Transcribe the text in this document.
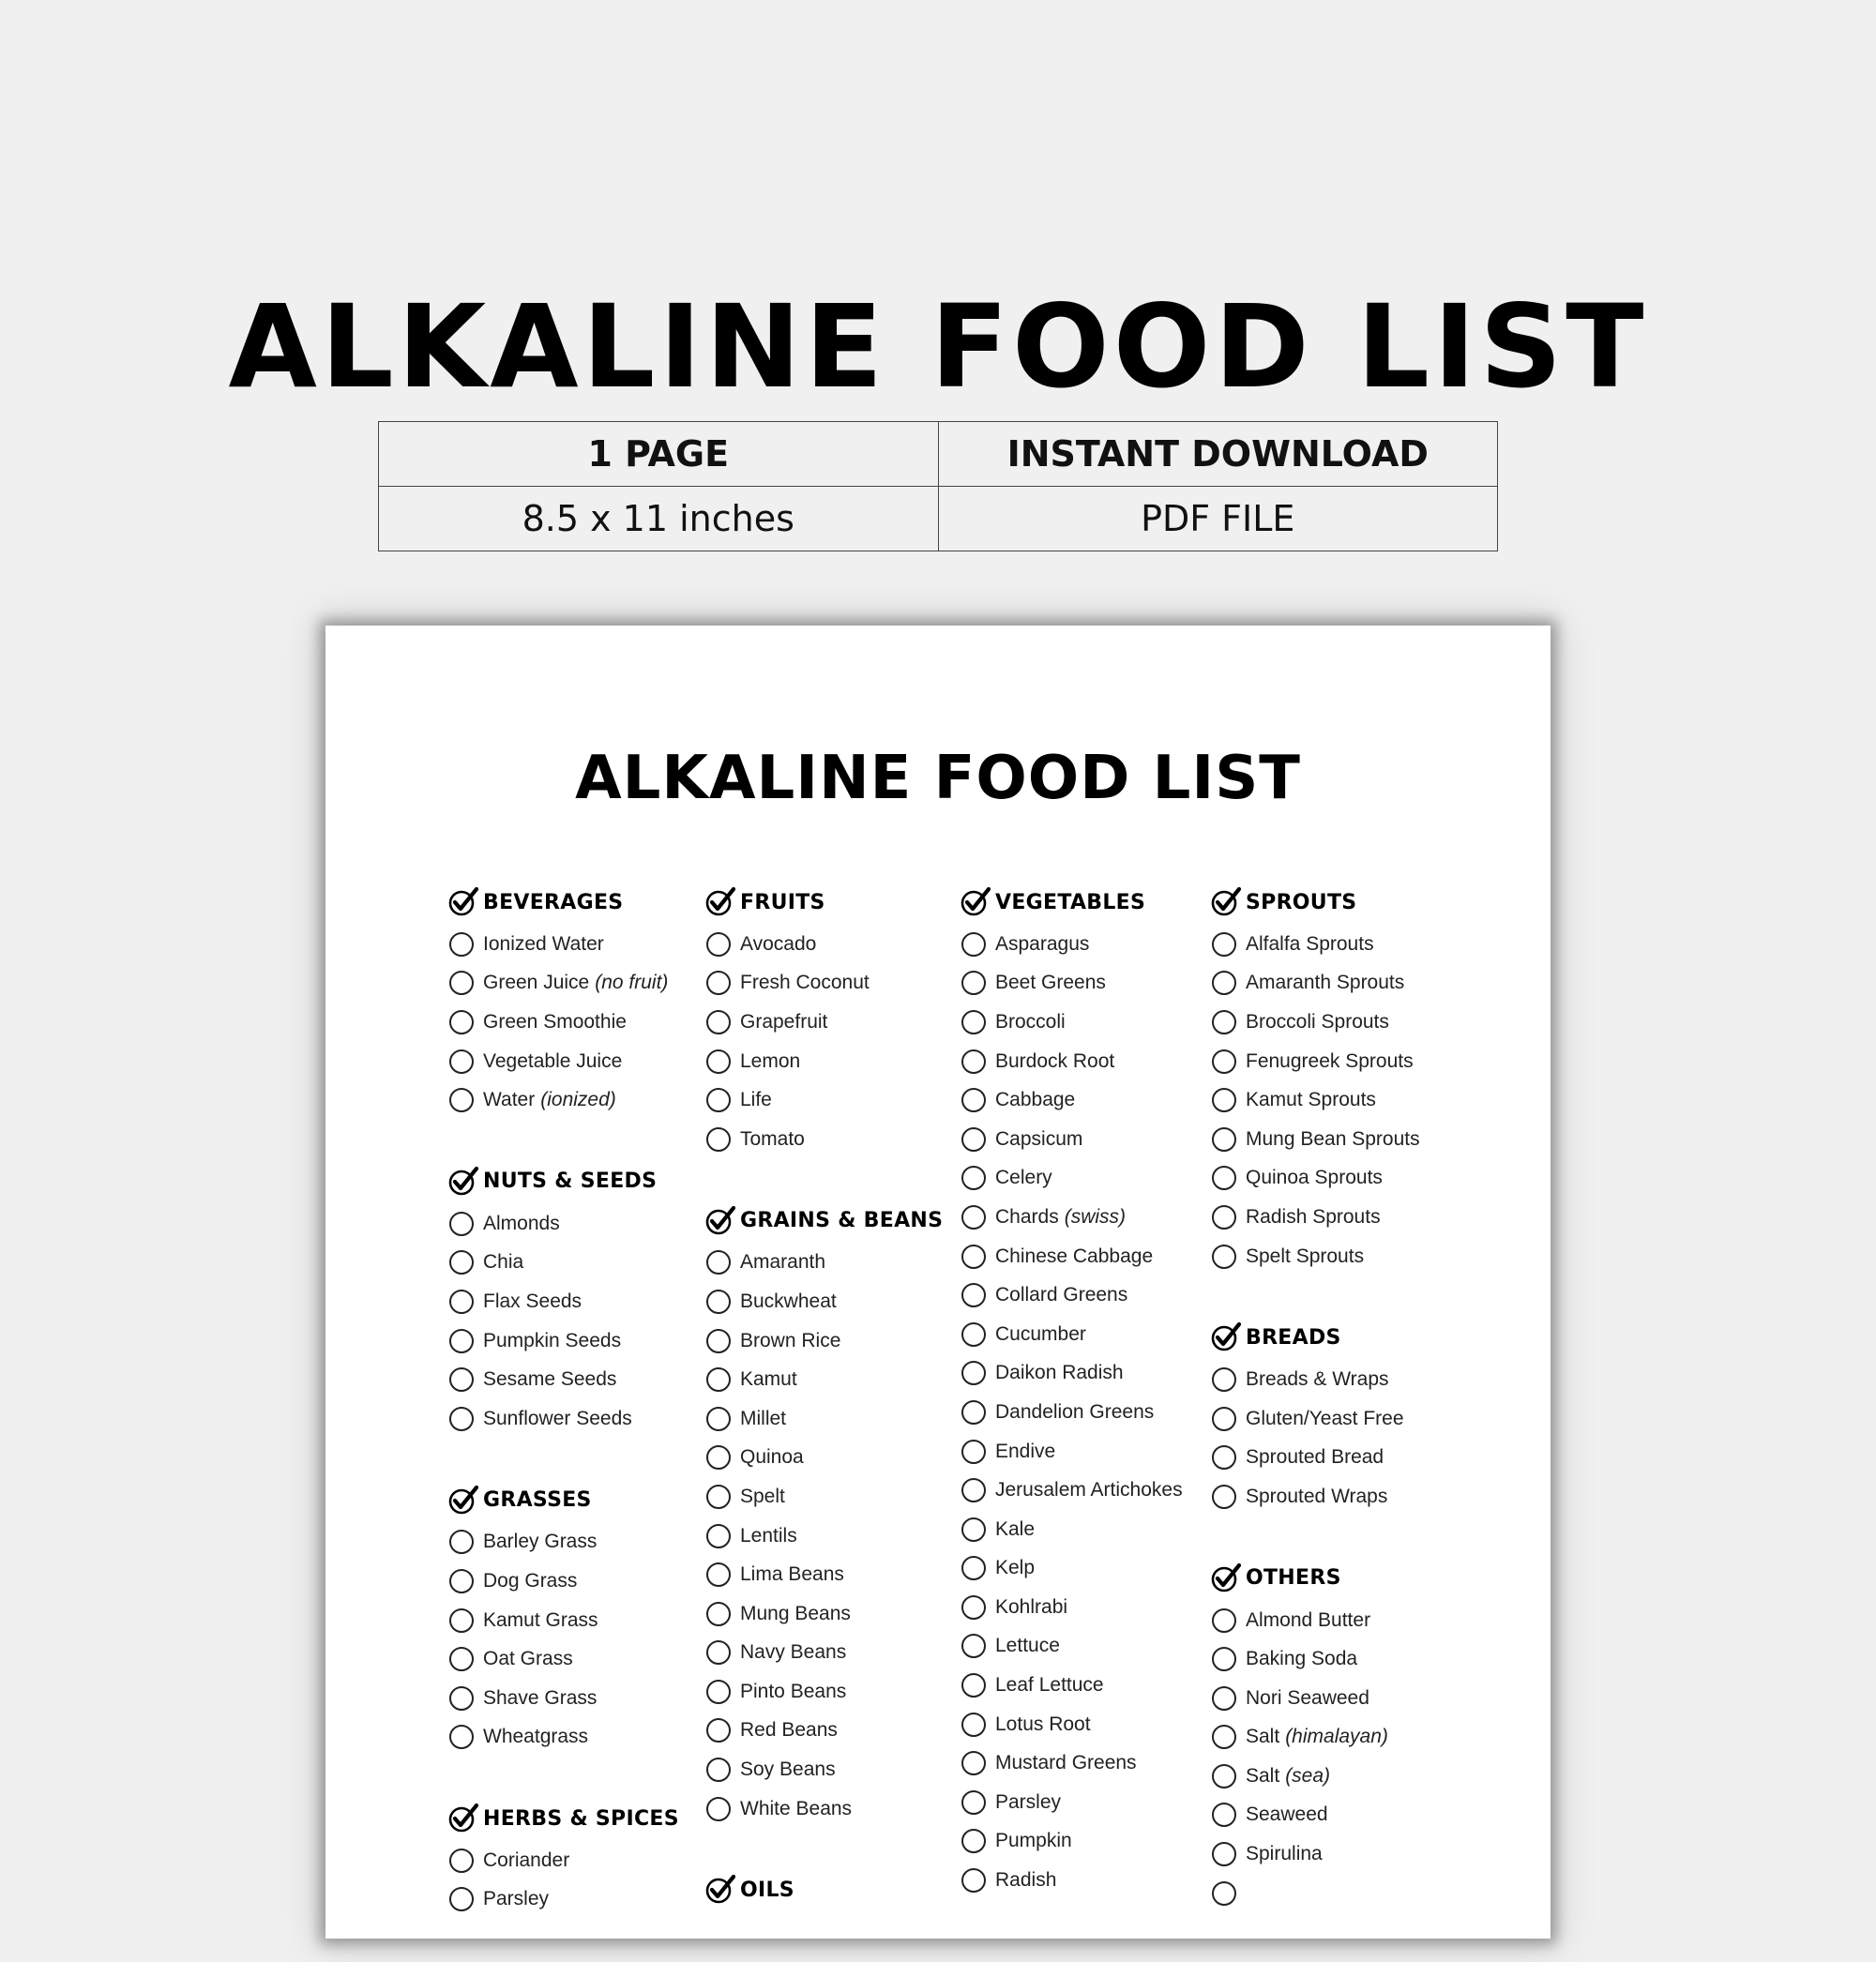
ALKALINE FOOD LIST
1 PAGE	INSTANT DOWNLOAD
8.5 x 11 inches	PDF FILE
ALKALINE FOOD LIST
BEVERAGES
Ionized Water
Green Juice (no fruit)
Green Smoothie
Vegetable Juice
Water (ionized)
NUTS & SEEDS
Almonds
Chia
Flax Seeds
Pumpkin Seeds
Sesame Seeds
Sunflower Seeds
GRASSES
Barley Grass
Dog Grass
Kamut Grass
Oat Grass
Shave Grass
Wheatgrass
HERBS & SPICES
Coriander
Parsley
FRUITS
Avocado
Fresh Coconut
Grapefruit
Lemon
Life
Tomato
GRAINS & BEANS
Amaranth
Buckwheat
Brown Rice
Kamut
Millet
Quinoa
Spelt
Lentils
Lima Beans
Mung Beans
Navy Beans
Pinto Beans
Red Beans
Soy Beans
White Beans
OILS
VEGETABLES
Asparagus
Beet Greens
Broccoli
Burdock Root
Cabbage
Capsicum
Celery
Chards (swiss)
Chinese Cabbage
Collard Greens
Cucumber
Daikon Radish
Dandelion Greens
Endive
Jerusalem Artichokes
Kale
Kelp
Kohlrabi
Lettuce
Leaf Lettuce
Lotus Root
Mustard Greens
Parsley
Pumpkin
Radish
SPROUTS
Alfalfa Sprouts
Amaranth Sprouts
Broccoli Sprouts
Fenugreek Sprouts
Kamut Sprouts
Mung Bean Sprouts
Quinoa Sprouts
Radish Sprouts
Spelt Sprouts
BREADS
Breads & Wraps
Gluten/Yeast Free
Sprouted Bread
Sprouted Wraps
OTHERS
Almond Butter
Baking Soda
Nori Seaweed
Salt (himalayan)
Salt (sea)
Seaweed
Spirulina
